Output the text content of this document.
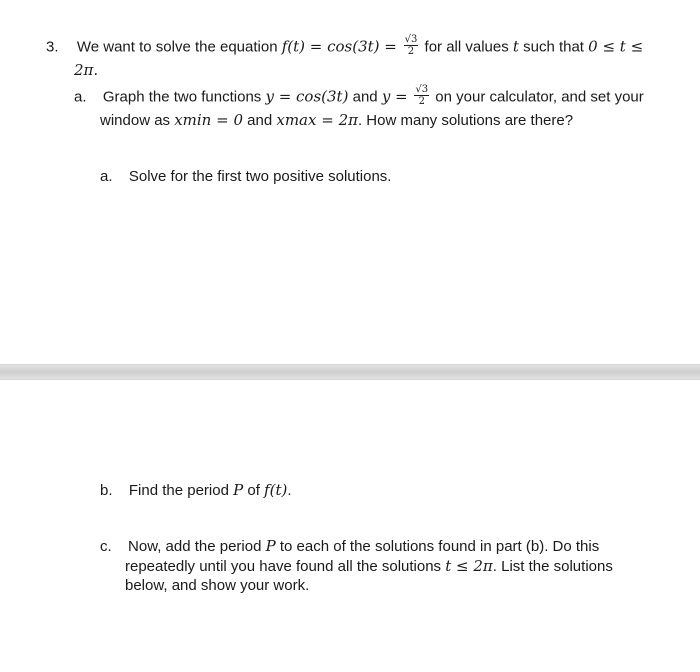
3. We want to solve the equation $f(t) = \cos(3t) = \frac{√3}{2}$ for all values t such that 0 ≤ t ≤
2π.
a. Graph the two functions y = cos(3t) and $y = \frac{√3}{2}$ on your calculator, and set your
window as xmin = 0 and xmax = 2π. How many solutions are there?
a. Solve for the first two positive solutions.
b. Find the period P of f(t).
c. Now, add the period P to each of the solutions found in part (b). Do this
repeatedly until you have found all the solutions t ≤ 2π. List the solutions
below, and show your work.
